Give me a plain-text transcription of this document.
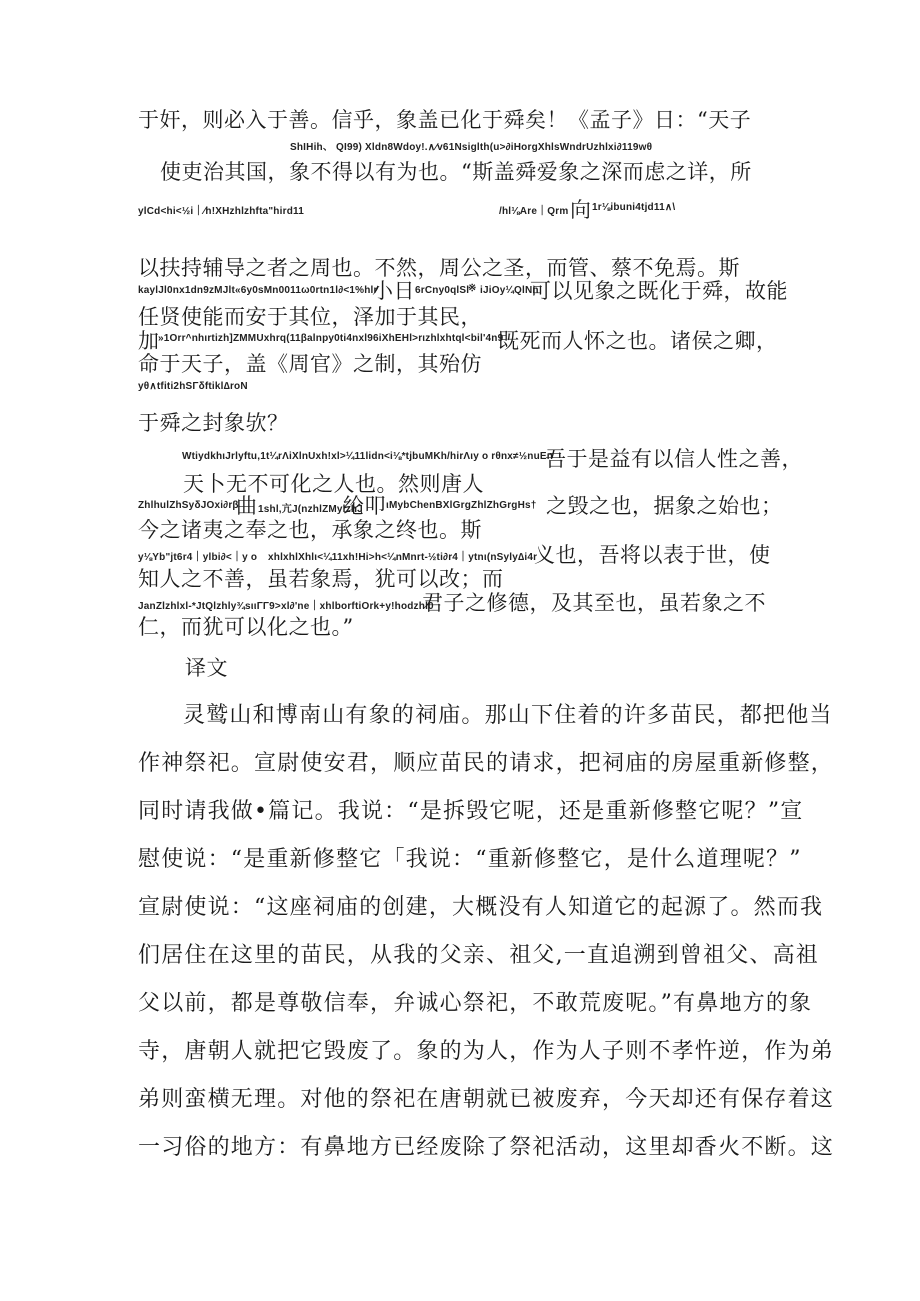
于奸，则必入于善。信乎，象盖已化于舜矣！《孟子》日：“天子
ShIHih、 QI99) Xldn8Wdoy!.∧∕v61Nsiglth(u>∂iHorgXhlsWndrUzhlxi∂119wθ
使吏治其国，象不得以有为也。“斯盖舜爱象之深而虑之详，所
ylCd<hi<½i｜∕h!XHzhlzhfta"hird11	/hl⅛Are｜Qrm 向 1r⅛ibuni4tjd11∧\
以扶持辅导之者之周也。不然，周公之圣，而管、蔡不免焉。斯
kaylJl0nx1dn9zMJlt«6y0sMn0011ω0rtn1l∂<1%hlr
小日 6rCny0qlSl
※ iJiOy¼QlNn
可以见象之既化于舜，故能
任贤使能而安于其位，泽加于其民，
加
»1Orr^nhιrtizh]ZMMUxhrq(11βalnpy0ti4nxl96iXhEHl>rιzhlxhtql<bil'4n9
既死而人怀之也。诸侯之卿，
命于天子，盖《周官》之制，其殆仿
yθ∧tfiti2hSΓδftikl∆roN
于舜之封象欤？
WtiydkhιJrlyftu,1t¼rΛiXlnUxh!xl>¼11lidn<i⅛*tjbuMKh/hirΛιy ο rθnx≠½nuEn
吾于是益有以信人性之善，
天卜无不可化之人也。然则唐人
ZhlhulZhSyδJOxi∂rβ
曲 1shl,亢J(nzhlZMylzhJ
纶叩 ιMybChenBXlGrgZhlZhGrgHs† 之毁之也，据象之始也；
今之诸夷之奉之也，承象之终也。斯
y⅛Yb"jt6r4｜ylbi∂<｜y ο xhlxhlXhlι<¼11xh!Hi>h<¼nMnrt-½ti∂r4｜ytnι(nSyly∆i4r
义也，吾将以表于世，使
知人之不善，虽若象焉，犹可以改；而
JanZlzhlxl-*JtQlzhly¾sιιΓΓ9>xl∂'ne｜xhlborftiOrk+y!hodzhl0
君子之修德，及其至也，虽若象之不
仁，而犹可以化之也。”
译文
灵鹫山和博南山有象的祠庙。那山下住着的许多苗民，都把他当
作神祭祀。宣尉使安君，顺应苗民的请求，把祠庙的房屋重新修整，
同时请我做•篇记。我说：“是拆毁它呢，还是重新修整它呢？”宣
慰使说：“是重新修整它「我说：“重新修整它，是什么道理呢？”
宣尉使说：“这座祠庙的创建，大概没有人知道它的起源了。然而我
们居住在这里的苗民，从我的父亲、祖父,一直追溯到曾祖父、高祖
父以前，都是尊敬信奉，弁诚心祭祀，不敢荒废呢。”有鼻地方的象
寺，唐朝人就把它毁废了。象的为人，作为人子则不孝忤逆，作为弟
弟则蛮横无理。对他的祭祀在唐朝就已被废弃，今天却还有保存着这
一习俗的地方：有鼻地方已经废除了祭祀活动，这里却香火不断。这
